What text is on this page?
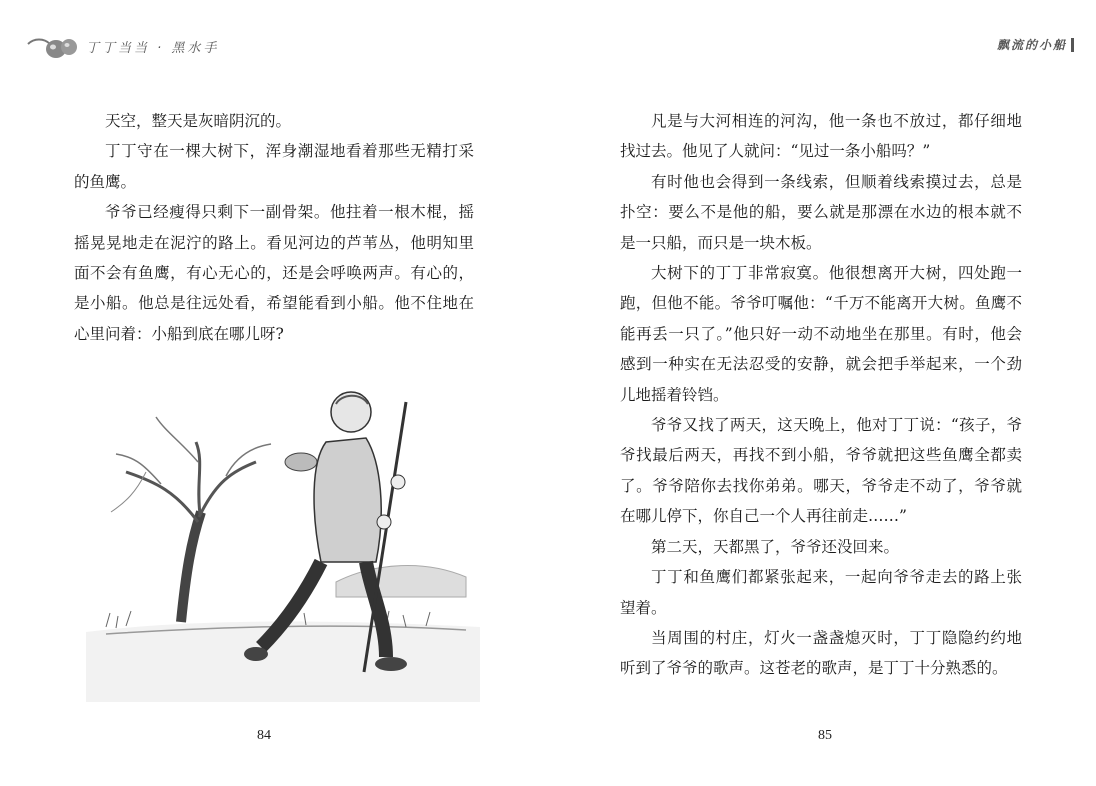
丁丁当当 · 黑水手

天空，整天是灰暗阴沉的。

丁丁守在一棵大树下，浑身潮湿地看着那些无精打采的鱼鹰。

爷爷已经瘦得只剩下一副骨架。他拄着一根木棍，摇摇晃晃地走在泥泞的路上。看见河边的芦苇丛，他明知里面不会有鱼鹰，有心无心的，还是会呼唤两声。有心的，是小船。他总是往远处看，希望能看到小船。他不住地在心里问着：小船到底在哪儿呀?

84
飘流的小船

凡是与大河相连的河沟，他一条也不放过，都仔细地找过去。他见了人就问：“见过一条小船吗？”

有时他也会得到一条线索，但顺着线索摸过去，总是扑空：要么不是他的船，要么就是那漂在水边的根本就不是一只船，而只是一块木板。

大树下的丁丁非常寂寞。他很想离开大树，四处跑一跑，但他不能。爷爷叮嘱他：“千万不能离开大树。鱼鹰不能再丢一只了。”他只好一动不动地坐在那里。有时，他会感到一种实在无法忍受的安静，就会把手举起来，一个劲儿地摇着铃铛。

爷爷又找了两天，这天晚上，他对丁丁说：“孩子，爷爷找最后两天，再找不到小船，爷爷就把这些鱼鹰全都卖了。爷爷陪你去找你弟弟。哪天，爷爷走不动了，爷爷就在哪儿停下，你自己一个人再往前走……”

第二天，天都黑了，爷爷还没回来。

丁丁和鱼鹰们都紧张起来，一起向爷爷走去的路上张望着。

当周围的村庄，灯火一盏盏熄灭时，丁丁隐隐约约地听到了爷爷的歌声。这苍老的歌声，是丁丁十分熟悉的。

85
